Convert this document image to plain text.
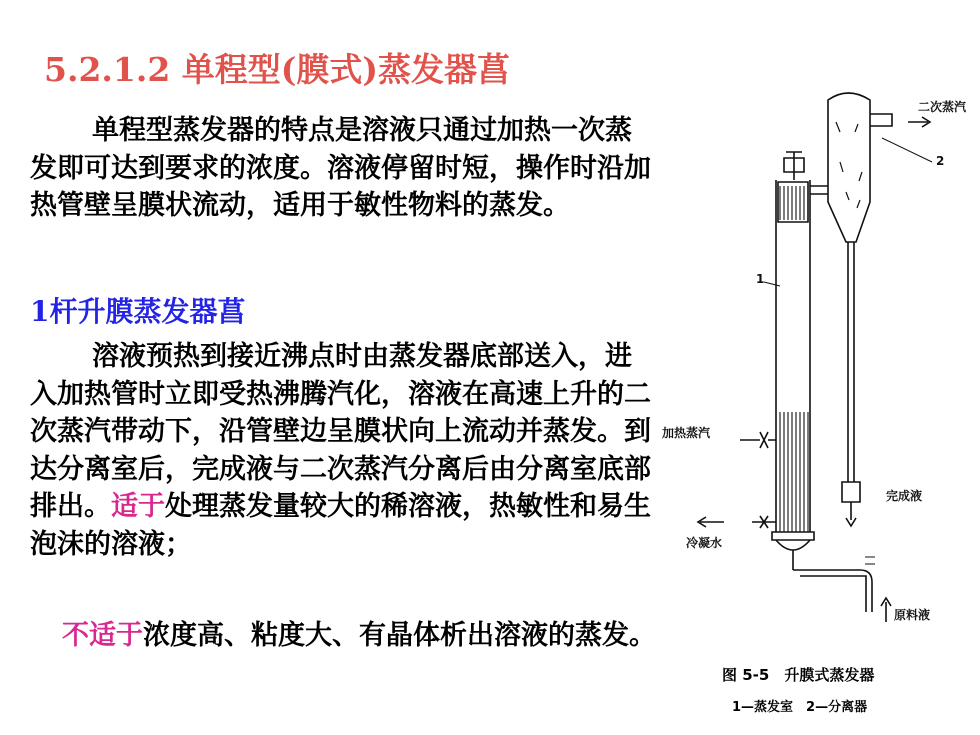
5.2.1.2 单程型(膜式)蒸发器菖
单程型蒸发器的特点是溶液只通过加热一次蒸发即可达到要求的浓度。溶液停留时短，操作时沿加热管壁呈膜状流动，适用于敏性物料的蒸发。
1杆升膜蒸发器菖
溶液预热到接近沸点时由蒸发器底部送入，进入加热管时立即受热沸腾汽化，溶液在高速上升的二次蒸汽带动下，沿管壁边呈膜状向上流动并蒸发。到达分离室后，完成液与二次蒸汽分离后由分离室底部排出。适于处理蒸发量较大的稀溶液，热敏性和易生泡沫的溶液；
不适于浓度高、粘度大、有晶体析出溶液的蒸发。
二次蒸汽
2
1
加热蒸汽
完成液
冷凝水
原料液
图 5-5　升膜式蒸发器
1—蒸发室　2—分离器
